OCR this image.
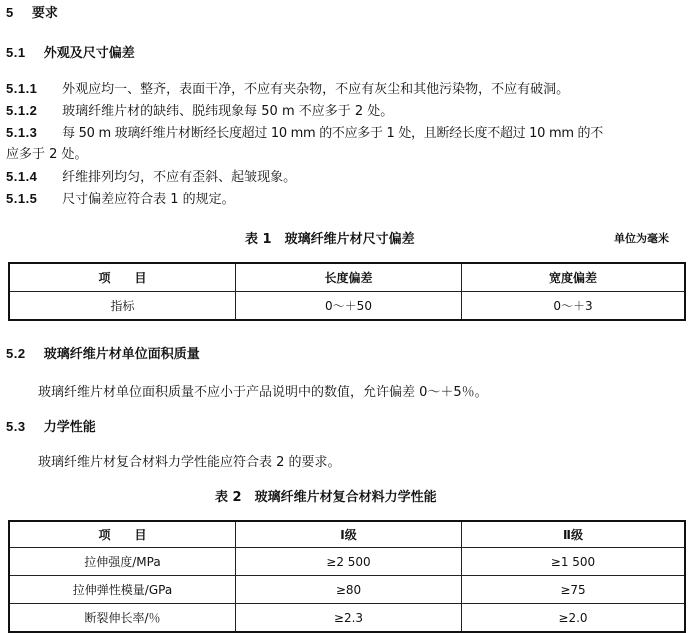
5 要求
5.1 外观及尺寸偏差
5.1.1 外观应均一、整齐，表面干净，不应有夹杂物，不应有灰尘和其他污染物，不应有破洞。
5.1.2 玻璃纤维片材的缺纬、脱纬现象每 50 m 不应多于 2 处。
5.1.3 每 50 m 玻璃纤维片材断经长度超过 10 mm 的不应多于 1 处，且断经长度不超过 10 mm 的不
应多于 2 处。
5.1.4 纤维排列均匀，不应有歪斜、起皱现象。
5.1.5 尺寸偏差应符合表 1 的规定。
表 1　玻璃纤维片材尺寸偏差	单位为毫米
项　　目	长度偏差	宽度偏差
指标	0～＋50	0～＋3
5.2 玻璃纤维片材单位面积质量
玻璃纤维片材单位面积质量不应小于产品说明中的数值，允许偏差 0～＋5％。
5.3 力学性能
玻璃纤维片材复合材料力学性能应符合表 2 的要求。
表 2　玻璃纤维片材复合材料力学性能
项　　目	Ⅰ级	Ⅱ级
拉伸强度/MPa	≥2 500	≥1 500
拉伸弹性模量/GPa	≥80	≥75
断裂伸长率/％	≥2.3	≥2.0
